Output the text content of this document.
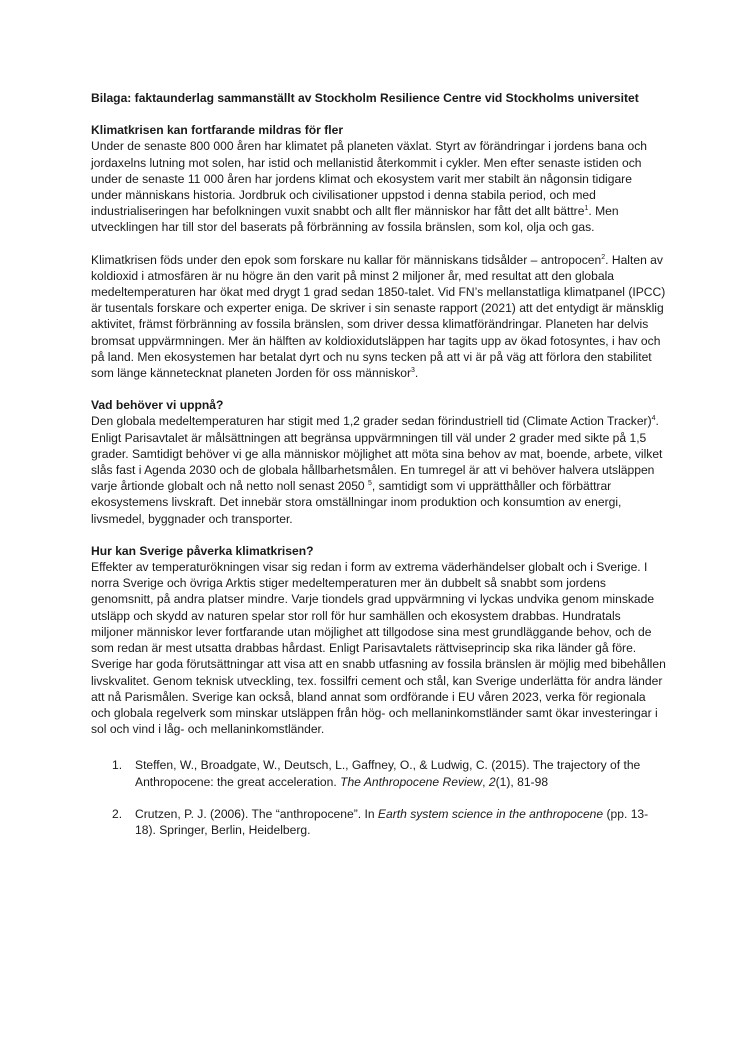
Bilaga: faktaunderlag sammanställt av Stockholm Resilience Centre vid Stockholms universitet
Klimatkrisen kan fortfarande mildras för fler

Under de senaste 800 000 åren har klimatet på planeten växlat. Styrt av förändringar i jordens bana och jordaxelns lutning mot solen, har istid och mellanistid återkommit i cykler. Men efter senaste istiden och under de senaste 11 000 åren har jordens klimat och ekosystem varit mer stabilt än någonsin tidigare under människans historia. Jordbruk och civilisationer uppstod i denna stabila period, och med industrialiseringen har befolkningen vuxit snabbt och allt fler människor har fått det allt bättre$^1$. Men utvecklingen har till stor del baserats på förbränning av fossila bränslen, som kol, olja och gas.

Klimatkrisen föds under den epok som forskare nu kallar för människans tidsålder – antropocen$^2$. Halten av koldioxid i atmosfären är nu högre än den varit på minst 2 miljoner år, med resultat att den globala medeltemperaturen har ökat med drygt 1 grad sedan 1850-talet. Vid FN’s mellanstatliga klimatpanel (IPCC) är tusentals forskare och experter eniga. De skriver i sin senaste rapport (2021) att det entydigt är mänsklig aktivitet, främst förbränning av fossila bränslen, som driver dessa klimatförändringar. Planeten har delvis bromsat uppvärmningen. Mer än hälften av koldioxidutsläppen har tagits upp av ökad fotosyntes, i hav och på land. Men ekosystemen har betalat dyrt och nu syns tecken på att vi är på väg att förlora den stabilitet som länge kännetecknat planeten Jorden för oss människor$^3$.

Vad behöver vi uppnå?

Den globala medeltemperaturen har stigit med 1,2 grader sedan förindustriell tid (Climate Action Tracker)$^4$. Enligt Parisavtalet är målsättningen att begränsa uppvärmningen till väl under 2 grader med sikte på 1,5 grader. Samtidigt behöver vi ge alla människor möjlighet att möta sina behov av mat, boende, arbete, vilket slås fast i Agenda 2030 och de globala hållbarhetsmålen. En tumregel är att vi behöver halvera utsläppen varje årtionde globalt och nå netto noll senast 2050 $^5$, samtidigt som vi upprätthåller och förbättrar ekosystemens livskraft. Det innebär stora omställningar inom produktion och konsumtion av energi, livsmedel, byggnader och transporter.

Hur kan Sverige påverka klimatkrisen?

Effekter av temperaturökningen visar sig redan i form av extrema väderhändelser globalt och i Sverige. I norra Sverige och övriga Arktis stiger medeltemperaturen mer än dubbelt så snabbt som jordens genomsnitt, på andra platser mindre. Varje tiondels grad uppvärmning vi lyckas undvika genom minskade utsläpp och skydd av naturen spelar stor roll för hur samhällen och ekosystem drabbas. Hundratals miljoner människor lever fortfarande utan möjlighet att tillgodose sina mest grundläggande behov, och de som redan är mest utsatta drabbas hårdast. Enligt Parisavtalets rättviseprincip ska rika länder gå före. Sverige har goda förutsättningar att visa att en snabb utfasning av fossila bränslen är möjlig med bibehållen livskvalitet. Genom teknisk utveckling, tex. fossilfri cement och stål, kan Sverige underlätta för andra länder att nå Parismålen. Sverige kan också, bland annat som ordförande i EU våren 2023, verka för regionala och globala regelverk som minskar utsläppen från hög- och mellaninkomstländer samt ökar investeringar i sol och vind i låg- och mellaninkomstländer.

1. Steffen, W., Broadgate, W., Deutsch, L., Gaffney, O., & Ludwig, C. (2015). The trajectory of the Anthropocene: the great acceleration. The Anthropocene Review, 2(1), 81-98
2. Crutzen, P. J. (2006). The “anthropocene”. In Earth system science in the anthropocene (pp. 13-18). Springer, Berlin, Heidelberg.
